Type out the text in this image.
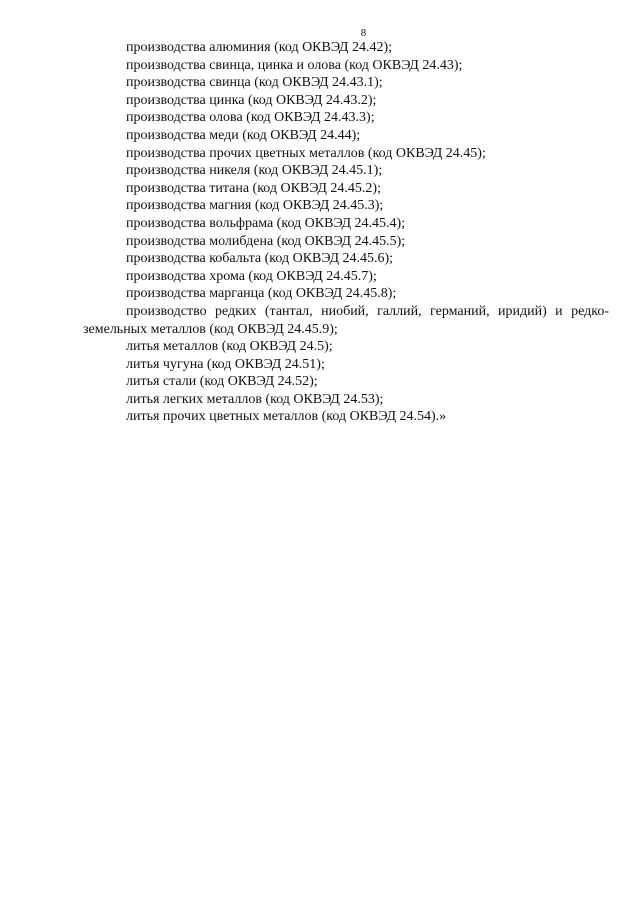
8

производства алюминия (код ОКВЭД 24.42);

производства свинца, цинка и олова (код ОКВЭД 24.43);

производства свинца (код ОКВЭД 24.43.1);

производства цинка (код ОКВЭД 24.43.2);

производства олова (код ОКВЭД 24.43.3);

производства меди (код ОКВЭД 24.44);

производства прочих цветных металлов (код ОКВЭД 24.45);

производства никеля (код ОКВЭД 24.45.1);

производства титана (код ОКВЭД 24.45.2);

производства магния (код ОКВЭД 24.45.3);

производства вольфрама (код ОКВЭД 24.45.4);

производства молибдена (код ОКВЭД 24.45.5);

производства кобальта (код ОКВЭД 24.45.6);

производства хрома (код ОКВЭД 24.45.7);

производства марганца (код ОКВЭД 24.45.8);

производство редких (тантал, ниобий, галлий, германий, иридий) и редко-земельных металлов (код ОКВЭД 24.45.9);

литья металлов (код ОКВЭД 24.5);

литья чугуна (код ОКВЭД 24.51);

литья стали (код ОКВЭД 24.52);

литья легких металлов (код ОКВЭД 24.53);

литья прочих цветных металлов (код ОКВЭД 24.54).»
